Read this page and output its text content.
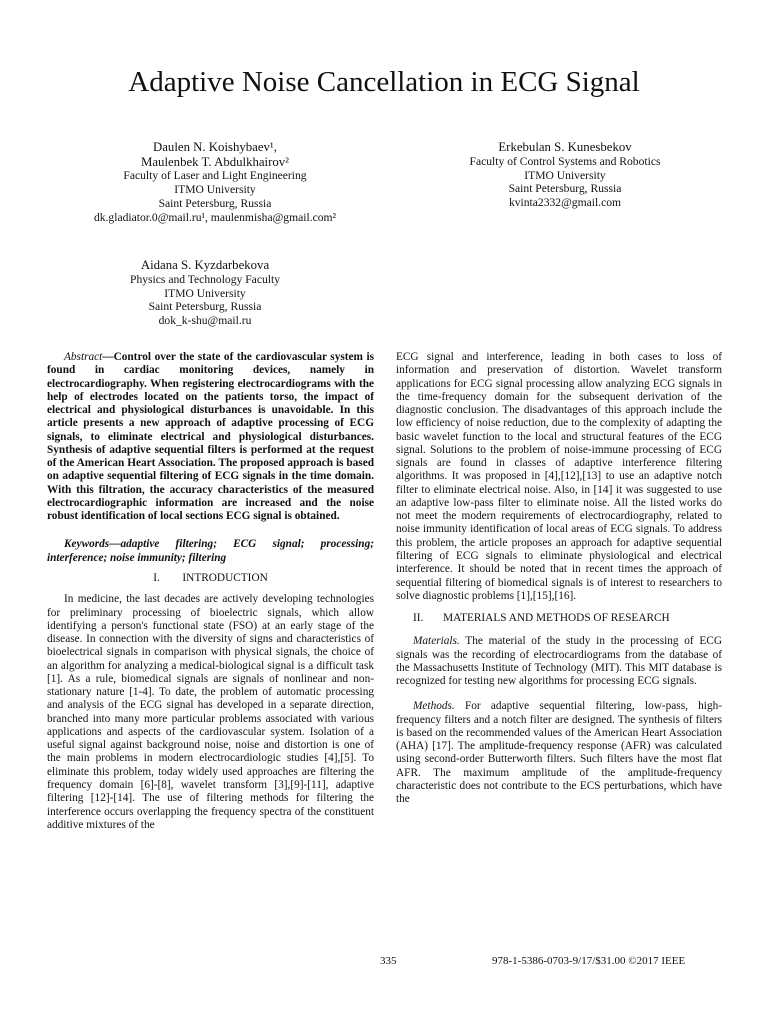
Adaptive Noise Cancellation in ECG Signal
Daulen N. Koishybaev¹,
Maulenbek T. Abdulkhairov²
Faculty of Laser and Light Engineering
ITMO University
Saint Petersburg, Russia
dk.gladiator.0@mail.ru¹, maulenmisha@gmail.com²
Erkebulan S. Kunesbekov
Faculty of Control Systems and Robotics
ITMO University
Saint Petersburg, Russia
kvinta2332@gmail.com
Aidana S. Kyzdarbekova
Physics and Technology Faculty
ITMO University
Saint Petersburg, Russia
dok_k-shu@mail.ru

Abstract—Control over the state of the cardiovascular system is found in cardiac monitoring devices, namely in electrocardiography. When registering electrocardiograms with the help of electrodes located on the patients torso, the impact of electrical and physiological disturbances is unavoidable. In this article presents a new approach of adaptive processing of ECG signals, to eliminate electrical and physiological disturbances. Synthesis of adaptive sequential filters is performed at the request of the American Heart Association. The proposed approach is based on adaptive sequential filtering of ECG signals in the time domain. With this filtration, the accuracy characteristics of the measured electrocardiographic information are increased and the noise robust identification of local sections ECG signal is obtained.

Keywords—adaptive filtering; ECG signal; processing; interference; noise immunity; filtering

I.        INTRODUCTION

In medicine, the last decades are actively developing technologies for preliminary processing of bioelectric signals, which allow identifying a person's functional state (FSO) at an early stage of the disease. In connection with the diversity of signs and characteristics of bioelectrical signals in comparison with physical signals, the choice of an algorithm for analyzing a medical-biological signal is a difficult task [1]. As a rule, biomedical signals are signals of nonlinear and non-stationary nature [1-4]. To date, the problem of automatic processing and analysis of the ECG signal has developed in a separate direction, branched into many more particular problems associated with various applications and aspects of the cardiovascular system. Isolation of a useful signal against background noise, noise and distortion is one of the main problems in modern electrocardiologic studies [4],[5]. To eliminate this problem, today widely used approaches are filtering the frequency domain [6]-[8], wavelet transform [3],[9]-[11], adaptive filtering [12]-[14]. The use of filtering methods for filtering the interference occurs overlapping the frequency spectra of the constituent additive mixtures of the

ECG signal and interference, leading in both cases to loss of information and preservation of distortion. Wavelet transform applications for ECG signal processing allow analyzing ECG signals in the time-frequency domain for the subsequent derivation of the diagnostic conclusion. The disadvantages of this approach include the low efficiency of noise reduction, due to the complexity of adapting the basic wavelet function to the local and structural features of the ECG signal. Solutions to the problem of noise-immune processing of ECG signals are found in classes of adaptive interference filtering algorithms. It was proposed in [4],[12],[13] to use an adaptive notch filter to eliminate electrical noise. Also, in [14] it was suggested to use an adaptive low-pass filter to eliminate noise. All the listed works do not meet the modern requirements of electrocardiography, related to noise immunity identification of local areas of ECG signals. To address this problem, the article proposes an approach for adaptive sequential filtering of ECG signals to eliminate physiological and electrical interference. It should be noted that in recent times the approach of sequential filtering of biomedical signals is of interest to researchers to solve diagnostic problems [1],[15],[16].

II.       MATERIALS AND METHODS OF RESEARCH

Materials. The material of the study in the processing of ECG signals was the recording of electrocardiograms from the database of the Massachusetts Institute of Technology (MIT). This MIT database is recognized for testing new algorithms for processing ECG signals.

Methods. For adaptive sequential filtering, low-pass, high-frequency filters and a notch filter are designed. The synthesis of filters is based on the recommended values of the American Heart Association (AHA) [17]. The amplitude-frequency response (AFR) was calculated using second-order Butterworth filters. Such filters have the most flat AFR. The maximum amplitude of the amplitude-frequency characteristic does not contribute to the ECS perturbations, which have the

335	978-1-5386-0703-9/17/$31.00 ©2017 IEEE
